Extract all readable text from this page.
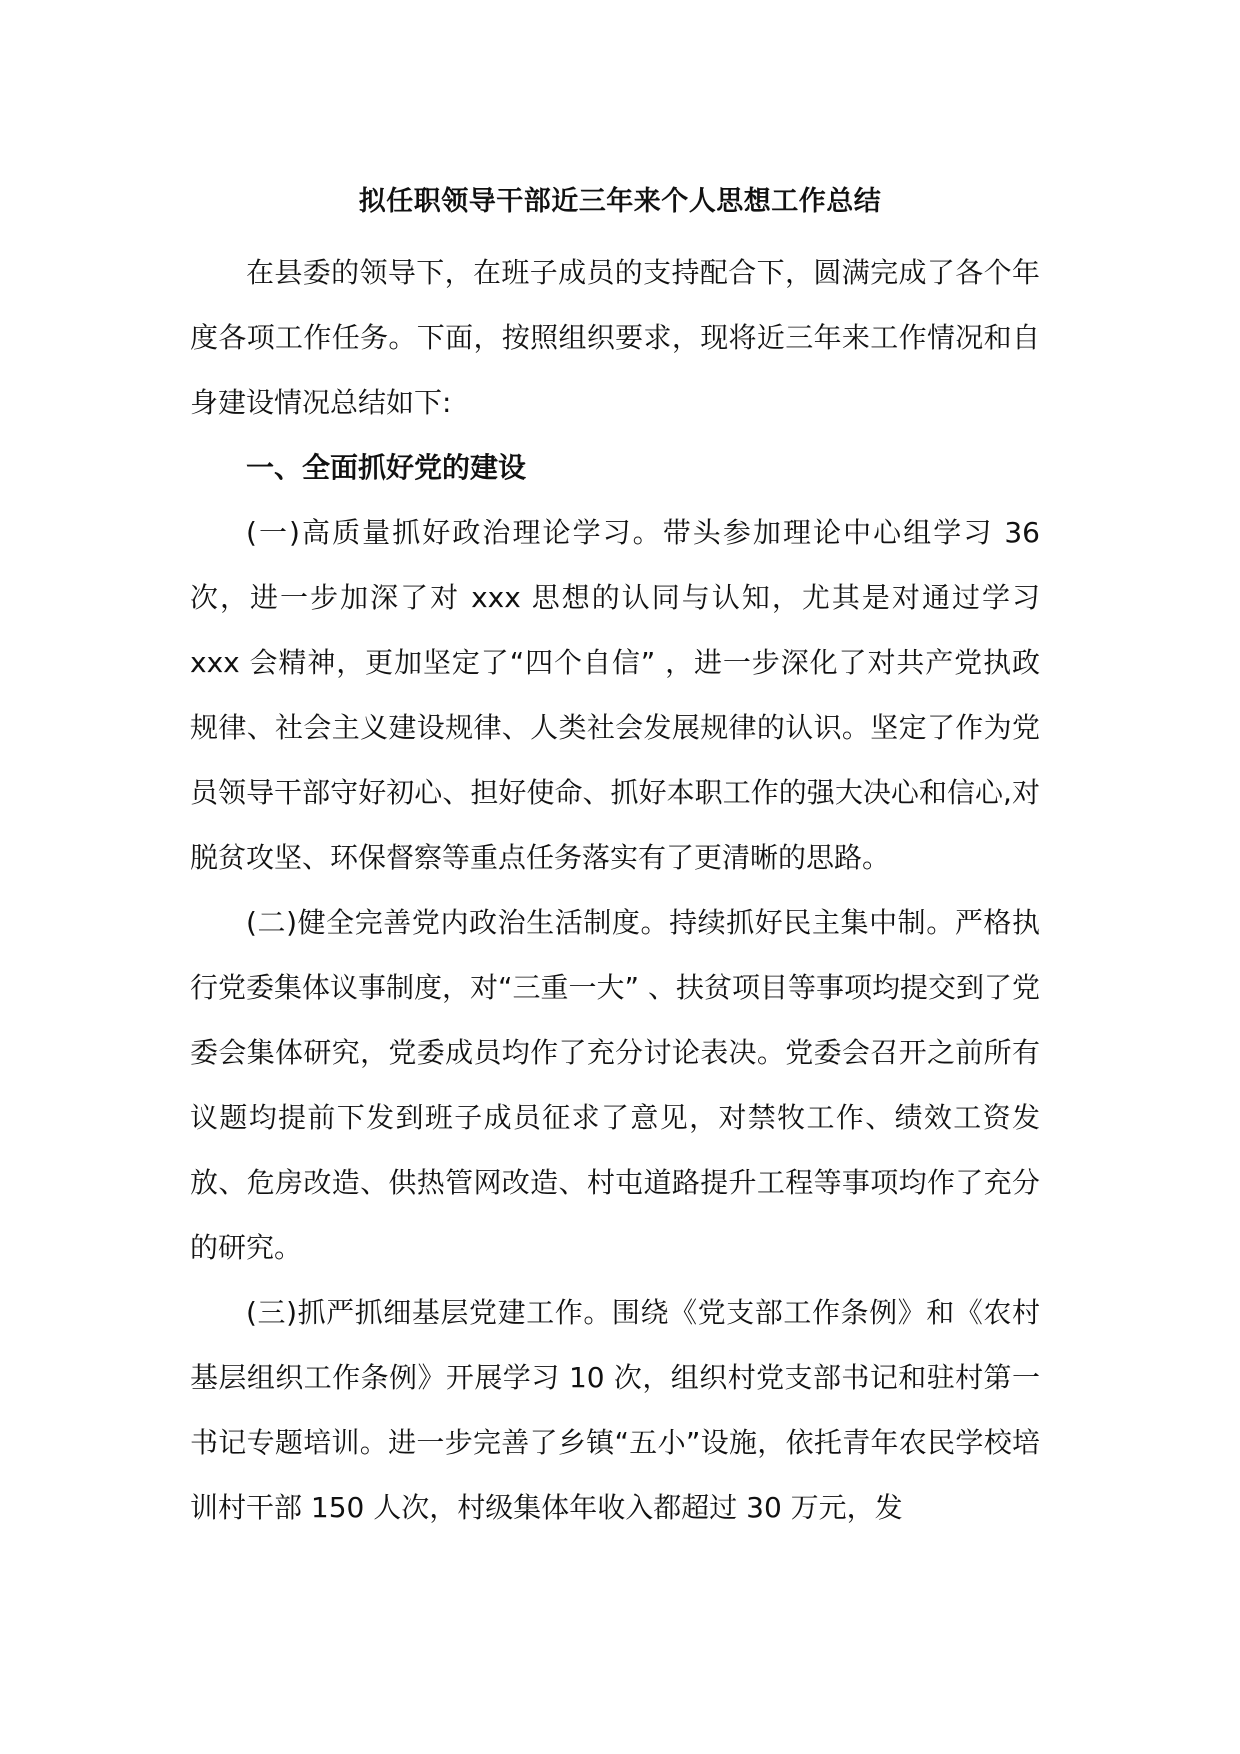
拟任职领导干部近三年来个人思想工作总结

在县委的领导下，在班子成员的支持配合下，圆满完成了各个年度各项工作任务。下面，按照组织要求，现将近三年来工作情况和自身建设情况总结如下:

一、全面抓好党的建设

(一)高质量抓好政治理论学习。带头参加理论中心组学习 36 次，进一步加深了对 xxx 思想的认同与认知，尤其是对通过学习 xxx 会精神，更加坚定了“四个自信” ，进一步深化了对共产党执政规律、社会主义建设规律、人类社会发展规律的认识。坚定了作为党员领导干部守好初心、担好使命、抓好本职工作的强大决心和信心,对脱贫攻坚、环保督察等重点任务落实有了更清晰的思路。

(二)健全完善党内政治生活制度。持续抓好民主集中制。严格执行党委集体议事制度，对“三重一大” 、扶贫项目等事项均提交到了党委会集体研究，党委成员均作了充分讨论表决。党委会召开之前所有议题均提前下发到班子成员征求了意见，对禁牧工作、绩效工资发放、危房改造、供热管网改造、村屯道路提升工程等事项均作了充分的研究。

(三)抓严抓细基层党建工作。围绕《党支部工作条例》和《农村基层组织工作条例》开展学习 10 次，组织村党支部书记和驻村第一书记专题培训。进一步完善了乡镇“五小”设施，依托青年农民学校培训村干部 150 人次，村级集体年收入都超过 30 万元，发
